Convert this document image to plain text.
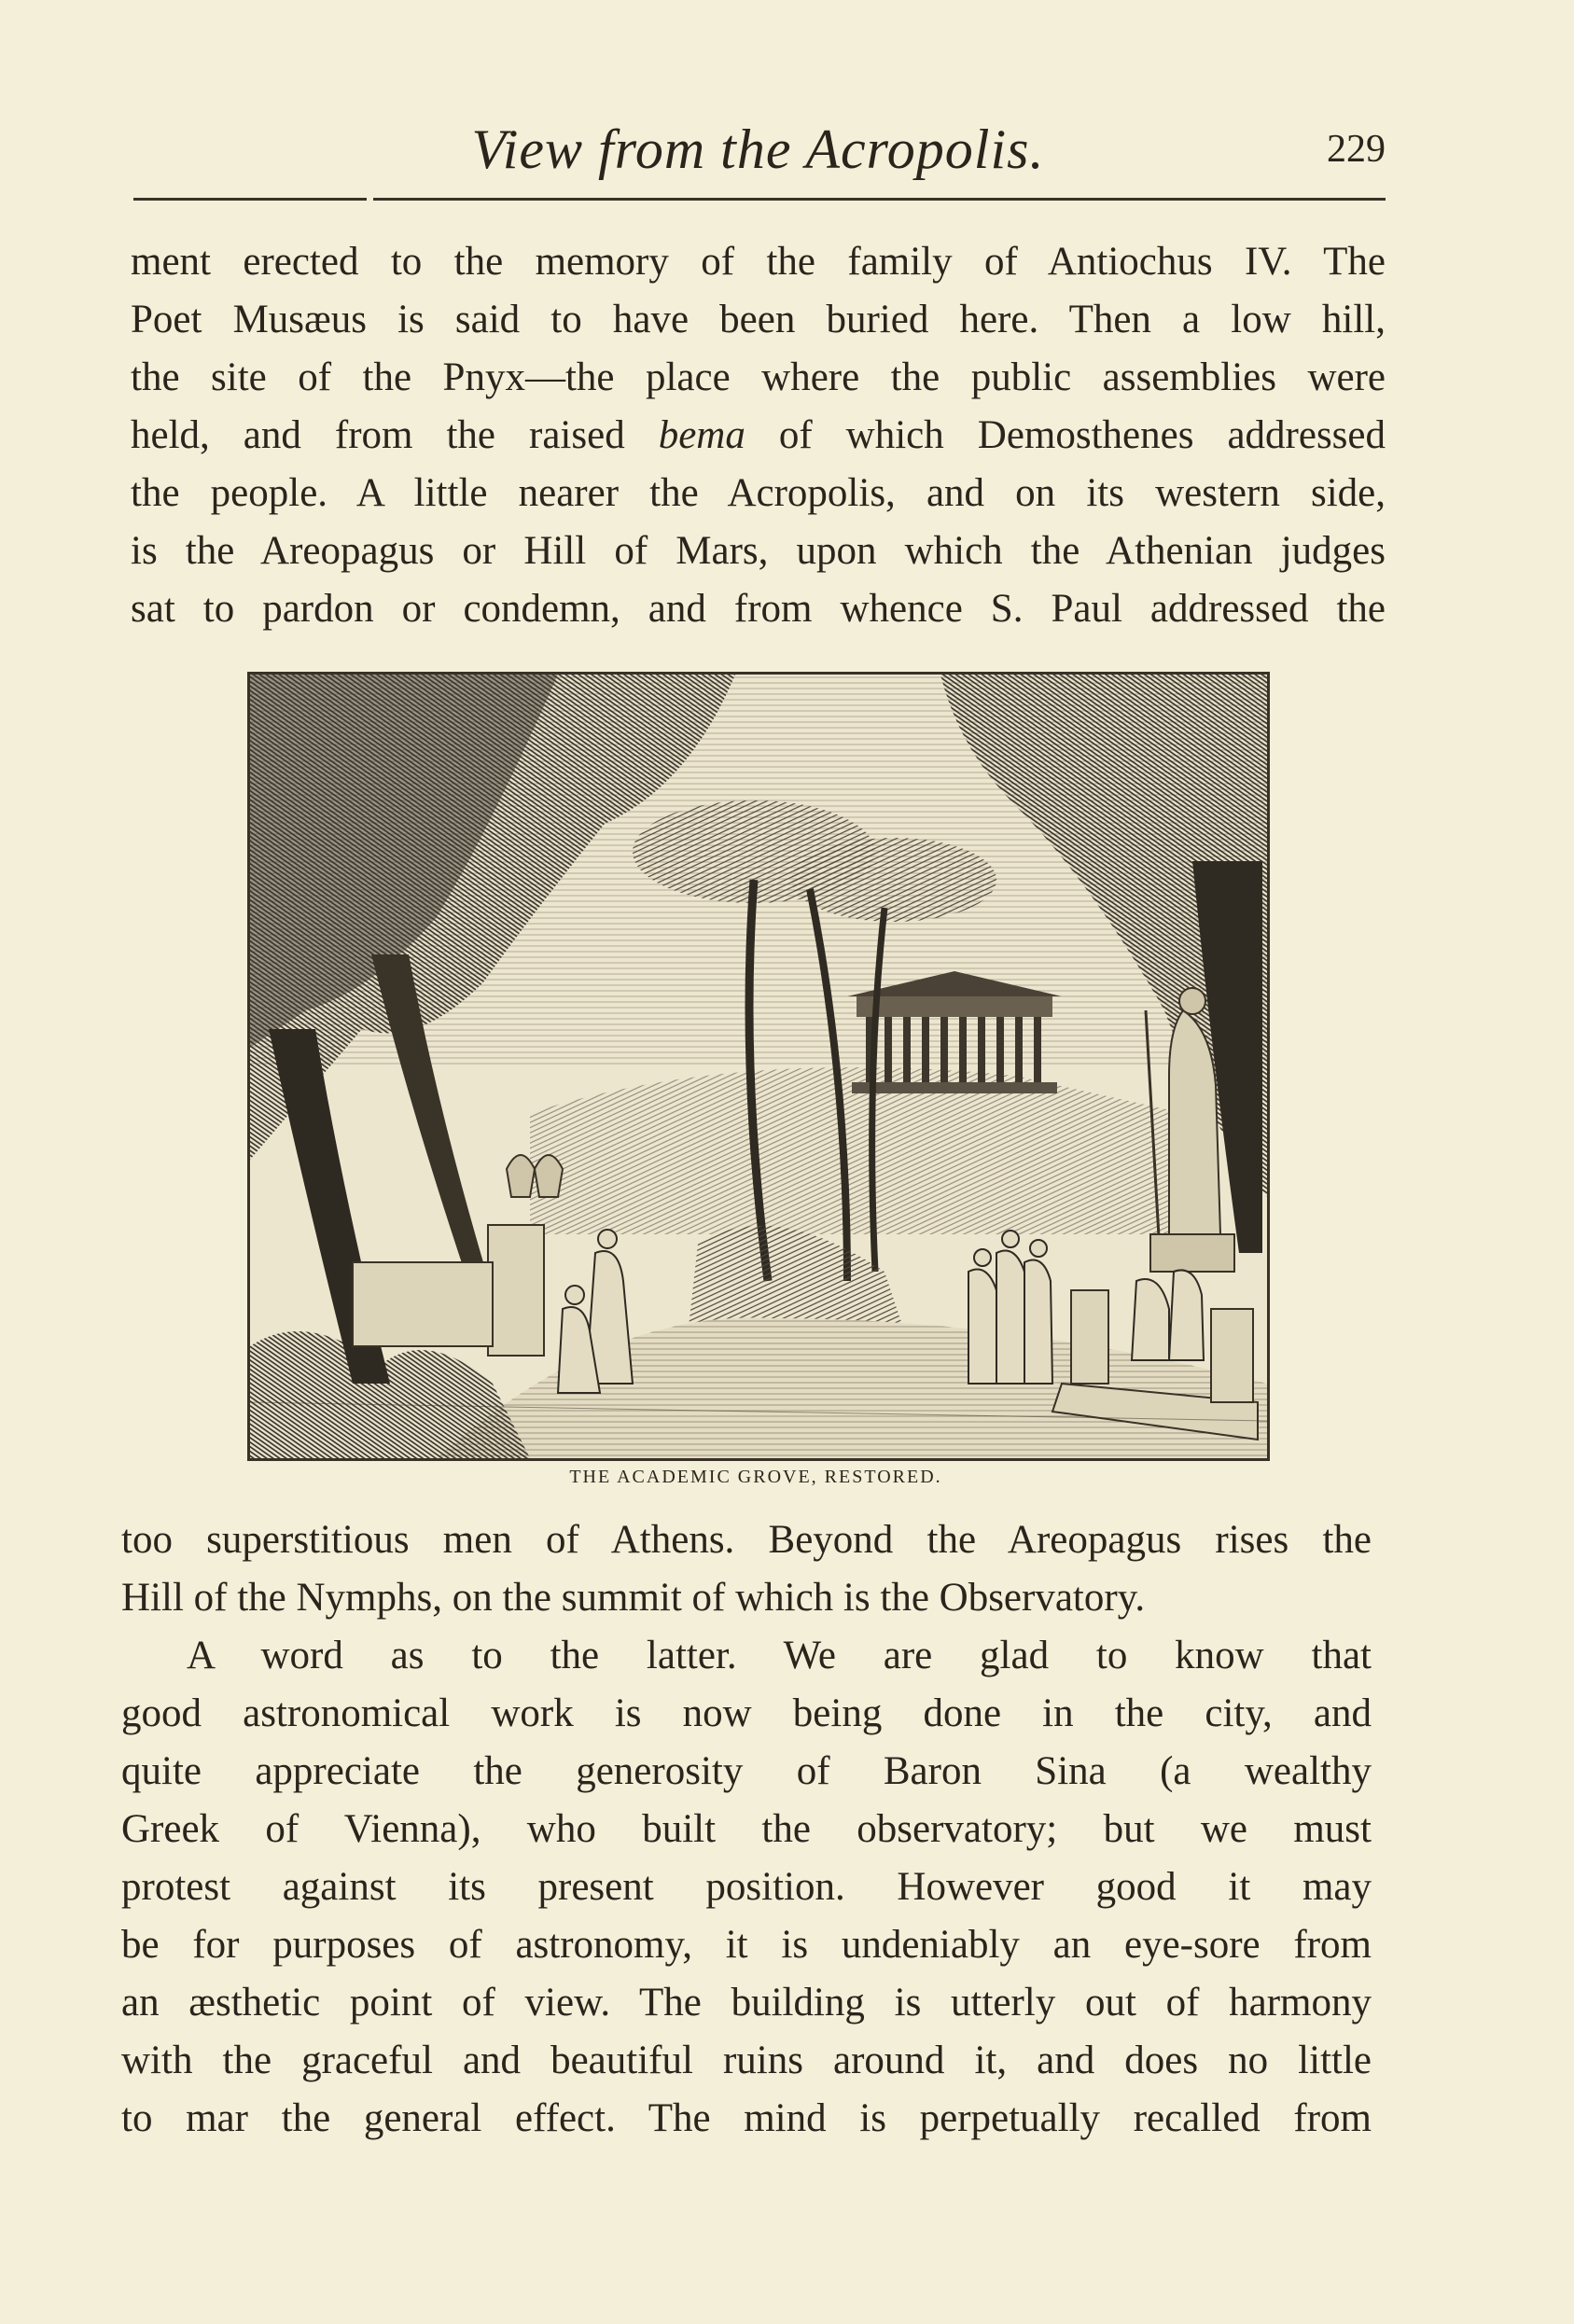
View from the Acropolis.	229
ment erected to the memory of the family of Antiochus IV. The
Poet Musæus is said to have been buried here. Then a low hill,
the site of the Pnyx—the place where the public assemblies were
held, and from the raised bema of which Demosthenes addressed
the people. A little nearer the Acropolis, and on its western side,
is the Areopagus or Hill of Mars, upon which the Athenian judges
sat to pardon or condemn, and from whence S. Paul addressed the
THE ACADEMIC GROVE, RESTORED.
too superstitious men of Athens. Beyond the Areopagus rises the
Hill of the Nymphs, on the summit of which is the Observatory.
A word as to the latter. We are glad to know that
good astronomical work is now being done in the city, and
quite appreciate the generosity of Baron Sina (a wealthy
Greek of Vienna), who built the observatory; but we must
protest against its present position. However good it may
be for purposes of astronomy, it is undeniably an eye-sore from
an æsthetic point of view. The building is utterly out of harmony
with the graceful and beautiful ruins around it, and does no little
to mar the general effect. The mind is perpetually recalled from
